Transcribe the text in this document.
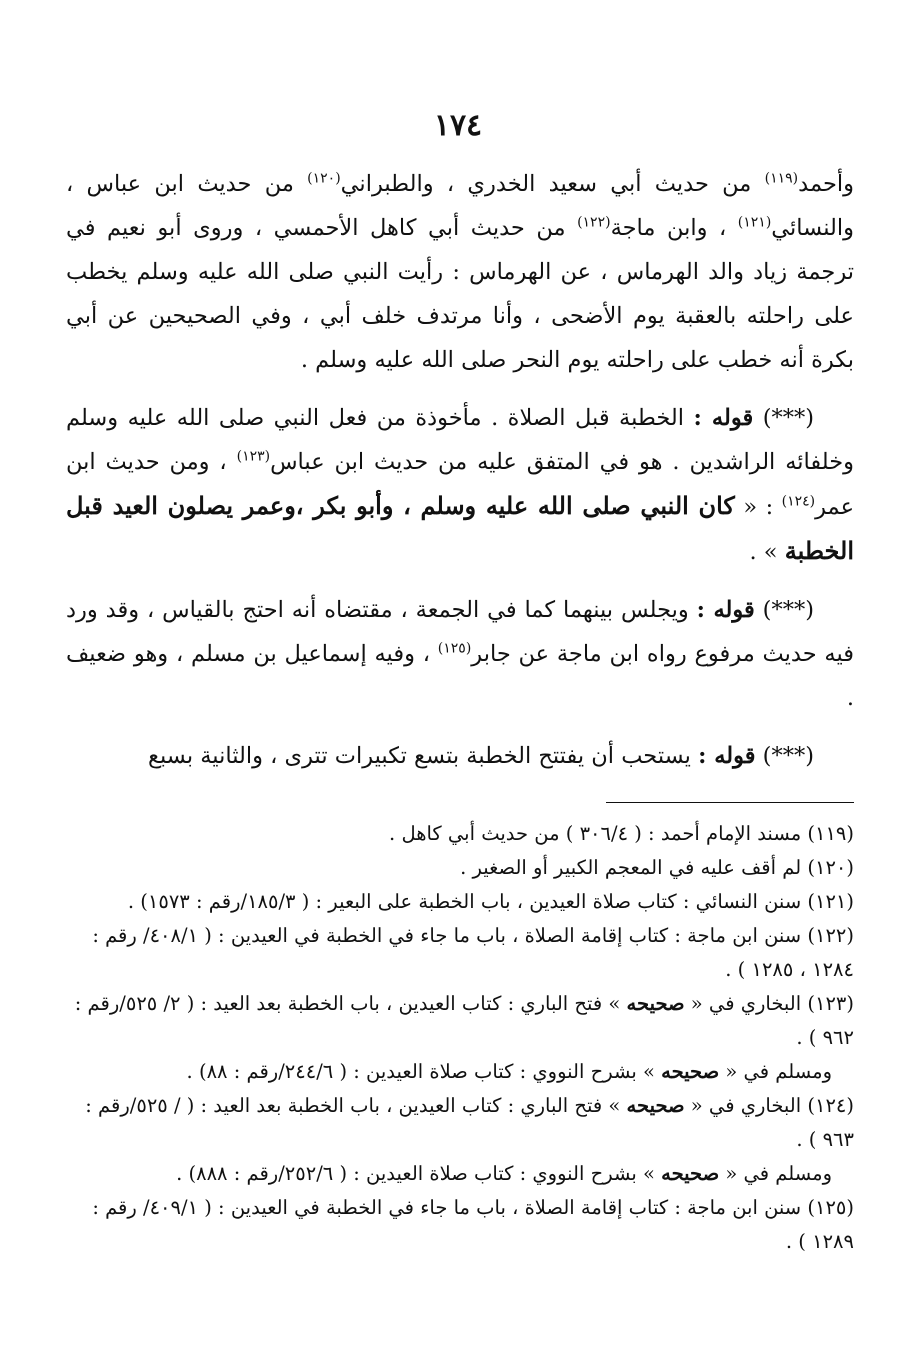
١٧٤

وأحمد$^{(١١٩)}$ من حديث أبي سعيد الخدري ، والطبراني$^{(١٢٠)}$ من حديث ابن عباس ، والنسائي$^{(١٢١)}$ ، وابن ماجة$^{(١٢٢)}$ من حديث أبي كاهل الأحمسي ، وروى أبو نعيم في ترجمة زياد والد الهرماس ، عن الهرماس : رأيت النبي صلى الله عليه وسلم يخطب على راحلته بالعقبة يوم الأضحى ، وأنا مرتدف خلف أبي ، وفي الصحيحين عن أبي بكرة أنه خطب على راحلته يوم النحر صلى الله عليه وسلم .

(***) قوله : الخطبة قبل الصلاة . مأخوذة من فعل النبي صلى الله عليه وسلم وخلفائه الراشدين . هو في المتفق عليه من حديث ابن عباس$^{(١٢٣)}$ ، ومن حديث ابن عمر$^{(١٢٤)}$ : « كان النبي صلى الله عليه وسلم ، وأبو بكر ،وعمر يصلون العيد قبل الخطبة » .

(***) قوله : ويجلس بينهما كما في الجمعة ، مقتضاه أنه احتج بالقياس ، وقد ورد فيه حديث مرفوع رواه ابن ماجة عن جابر$^{(١٢٥)}$ ، وفيه إسماعيل بن مسلم ، وهو ضعيف .

(***) قوله : يستحب أن يفتتح الخطبة بتسع تكبيرات تترى ، والثانية بسبع

(١١٩) مسند الإمام أحمد : ( ٣٠٦/٤ ) من حديث أبي كاهل .

(١٢٠) لم أقف عليه في المعجم الكبير أو الصغير .

(١٢١) سنن النسائي : كتاب صلاة العيدين ، باب الخطبة على البعير : ( ١٨٥/٣/رقم : ١٥٧٣) .

(١٢٢) سنن ابن ماجة : كتاب إقامة الصلاة ، باب ما جاء في الخطبة في العيدين : ( ٤٠٨/١/ رقم : ١٢٨٤ ، ١٢٨٥ ) .

(١٢٣) البخاري في « صحيحه » فتح الباري : كتاب العيدين ، باب الخطبة بعد العيد : ( ٢/ ٥٢٥/رقم : ٩٦٢ ) .

ومسلم في « صحيحه » بشرح النووي : كتاب صلاة العيدين : ( ٢٤٤/٦/رقم : ٨٨) .

(١٢٤) البخاري في « صحيحه » فتح الباري : كتاب العيدين ، باب الخطبة بعد العيد : ( / ٥٢٥/رقم : ٩٦٣ ) .

ومسلم في « صحيحه » بشرح النووي : كتاب صلاة العيدين : ( ٢٥٢/٦/رقم : ٨٨٨) .

(١٢٥) سنن ابن ماجة : كتاب إقامة الصلاة ، باب ما جاء في الخطبة في العيدين : ( ٤٠٩/١/ رقم : ١٢٨٩ ) .
